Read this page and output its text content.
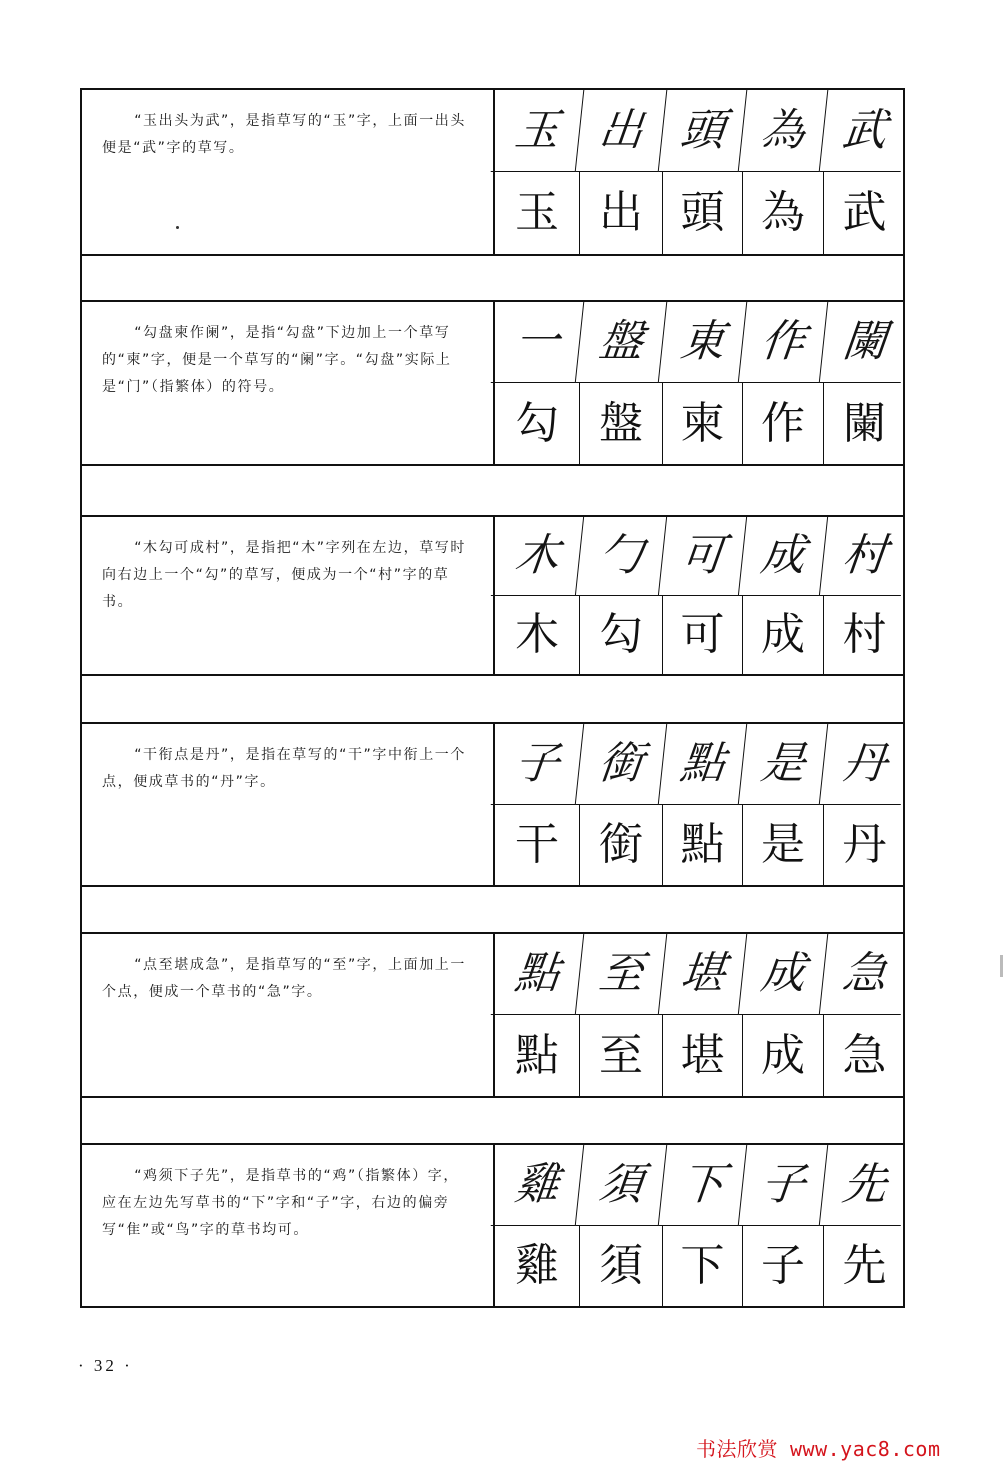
“玉出头为武”，是指草写的“玉”字，上面一出头便是“武”字的草写。	玉 出 頭 為 武
玉 出 頭 為 武
“勾盘柬作阑”，是指“勾盘”下边加上一个草写的“柬”字，便是一个草写的“阑”字。“勾盘”实际上是“门”（指繁体）的符号。
一 盤 東 作 闌
勾 盤 柬 作 闌
“木勾可成村”，是指把“木”字列在左边，草写时向右边上一个“勾”的草写，便成为一个“村”字的草书。
木 勹 可 成 村
木 勾 可 成 村
“干衔点是丹”，是指在草写的“干”字中衔上一个点，便成草书的“丹”字。	子 銜 點 是 丹
干 銜 點 是 丹
“点至堪成急”，是指草写的“至”字，上面加上一个点，便成一个草书的“急”字。	點 至 堪 成 急
點 至 堪 成 急
“鸡须下子先”，是指草书的“鸡”（指繁体）字，应在左边先写草书的“下”字和“子”字，右边的偏旁写“隹”或“鸟”字的草书均可。
雞 須 下 子 先
雞 須 下 子 先
· 32 ·
书法欣赏 www.yac8.com
